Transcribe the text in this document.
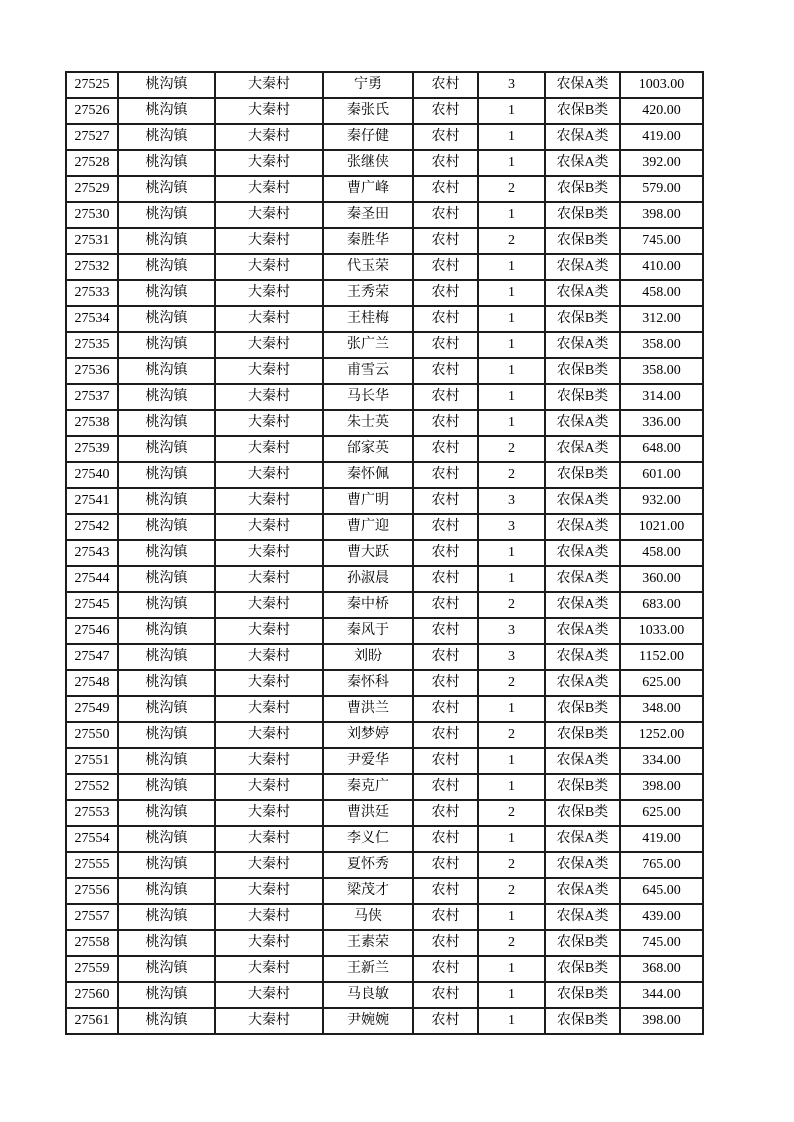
27525	桃沟镇	大秦村	宁勇	农村	3	农保A类	1003.00
27526	桃沟镇	大秦村	秦张氏	农村	1	农保B类	420.00
27527	桃沟镇	大秦村	秦仔健	农村	1	农保A类	419.00
27528	桃沟镇	大秦村	张继侠	农村	1	农保A类	392.00
27529	桃沟镇	大秦村	曹广峰	农村	2	农保B类	579.00
27530	桃沟镇	大秦村	秦圣田	农村	1	农保B类	398.00
27531	桃沟镇	大秦村	秦胜华	农村	2	农保B类	745.00
27532	桃沟镇	大秦村	代玉荣	农村	1	农保A类	410.00
27533	桃沟镇	大秦村	王秀荣	农村	1	农保A类	458.00
27534	桃沟镇	大秦村	王桂梅	农村	1	农保B类	312.00
27535	桃沟镇	大秦村	张广兰	农村	1	农保A类	358.00
27536	桃沟镇	大秦村	甫雪云	农村	1	农保B类	358.00
27537	桃沟镇	大秦村	马长华	农村	1	农保B类	314.00
27538	桃沟镇	大秦村	朱士英	农村	1	农保A类	336.00
27539	桃沟镇	大秦村	邰家英	农村	2	农保A类	648.00
27540	桃沟镇	大秦村	秦怀佩	农村	2	农保B类	601.00
27541	桃沟镇	大秦村	曹广明	农村	3	农保A类	932.00
27542	桃沟镇	大秦村	曹广迎	农村	3	农保A类	1021.00
27543	桃沟镇	大秦村	曹大跃	农村	1	农保A类	458.00
27544	桃沟镇	大秦村	孙淑晨	农村	1	农保A类	360.00
27545	桃沟镇	大秦村	秦中桥	农村	2	农保A类	683.00
27546	桃沟镇	大秦村	秦风于	农村	3	农保A类	1033.00
27547	桃沟镇	大秦村	刘盼	农村	3	农保A类	1152.00
27548	桃沟镇	大秦村	秦怀科	农村	2	农保A类	625.00
27549	桃沟镇	大秦村	曹洪兰	农村	1	农保B类	348.00
27550	桃沟镇	大秦村	刘梦婷	农村	2	农保B类	1252.00
27551	桃沟镇	大秦村	尹爱华	农村	1	农保A类	334.00
27552	桃沟镇	大秦村	秦克广	农村	1	农保B类	398.00
27553	桃沟镇	大秦村	曹洪廷	农村	2	农保B类	625.00
27554	桃沟镇	大秦村	李义仁	农村	1	农保A类	419.00
27555	桃沟镇	大秦村	夏怀秀	农村	2	农保A类	765.00
27556	桃沟镇	大秦村	梁茂才	农村	2	农保A类	645.00
27557	桃沟镇	大秦村	马侠	农村	1	农保A类	439.00
27558	桃沟镇	大秦村	王素荣	农村	2	农保B类	745.00
27559	桃沟镇	大秦村	王新兰	农村	1	农保B类	368.00
27560	桃沟镇	大秦村	马良敏	农村	1	农保B类	344.00
27561	桃沟镇	大秦村	尹婉婉	农村	1	农保B类	398.00
